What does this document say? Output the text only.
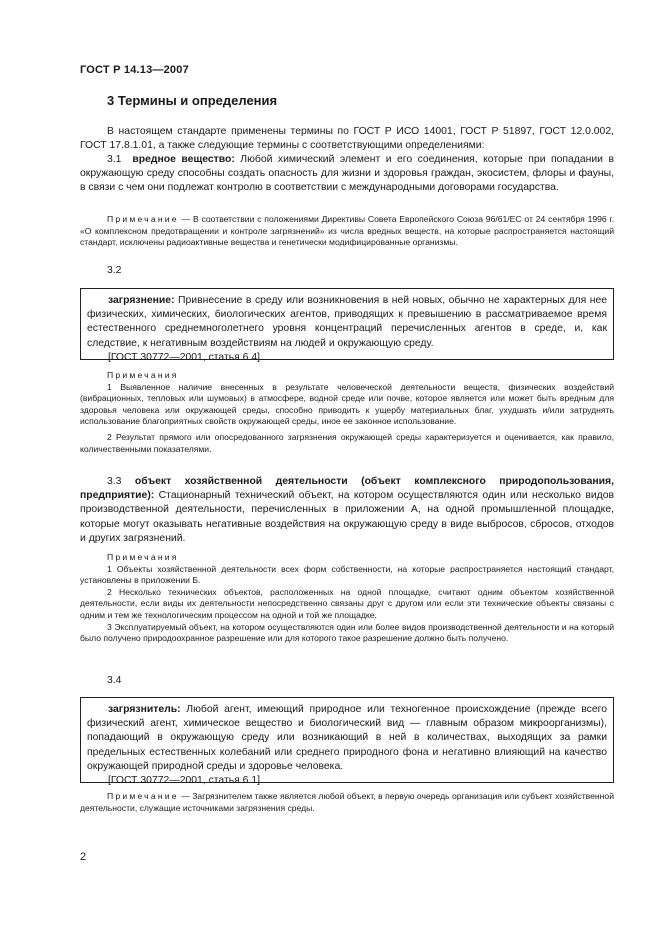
ГОСТ Р 14.13—2007
3 Термины и определения

В настоящем стандарте применены термины по ГОСТ Р ИСО 14001, ГОСТ Р 51897, ГОСТ 12.0.002, ГОСТ 17.8.1.01, а также следующие термины с соответствующими определениями:

3.1 вредное вещество: Любой химический элемент и его соединения, которые при попадании в окружающую среду способны создать опасность для жизни и здоровья граждан, экосистем, флоры и фауны, в связи с чем они подлежат контролю в соответствии с международными договорами государства.

Примечание — В соответствии с положениями Директивы Совета Европейского Союза 96/61/ЕС от 24 сентября 1996 г. «О комплексном предотвращении и контроле загрязнений» из числа вредных веществ, на которые распространяется настоящий стандарт, исключены радиоактивные вещества и генетически модифицированные организмы.

3.2

загрязнение: Привнесение в среду или возникновения в ней новых, обычно не характерных для нее физических, химических, биологических агентов, приводящих к превышению в рассматриваемое время естественного среднемноголетнего уровня концентраций перечисленных агентов в среде, и, как следствие, к негативным воздействиям на людей и окружающую среду.

[ГОСТ 30772—2001, статья 6.4]

Примечания

1 Выявленное наличие внесенных в результате человеческой деятельности веществ, физических воздействий (вибрационных, тепловых или шумовых) в атмосфере, водной среде или почве, которое является или может быть вредным для здоровья человека или окружающей среды, способно приводить к ущербу материальных благ, ухудшать и/или затруднять использование благоприятных свойств окружающей среды, иное ее законное использование.

2 Результат прямого или опосредованного загрязнения окружающей среды характеризуется и оценивается, как правило, количественными показателями.

3.3 объект хозяйственной деятельности (объект комплексного природопользования, предприятие): Стационарный технический объект, на котором осуществляются один или несколько видов производственной деятельности, перечисленных в приложении А, на одной промышленной площадке, которые могут оказывать негативные воздействия на окружающую среду в виде выбросов, сбросов, отходов и других загрязнений.

Примечания

1 Объекты хозяйственной деятельности всех форм собственности, на которые распространяется настоящий стандарт, установлены в приложении Б.

2 Несколько технических объектов, расположенных на одной площадке, считают одним объектом хозяйственной деятельности, если виды их деятельности непосредственно связаны друг с другом или если эти технические объекты связаны с одним и тем же технологическим процессом на одной и той же площадке.

3 Эксплуатируемый объект, на котором осуществляются один или более видов производственной деятельности и на который было получено природоохранное разрешение или для которого такое разрешение должно быть получено.

3.4

загрязнитель: Любой агент, имеющий природное или техногенное происхождение (прежде всего физический агент, химическое вещество и биологический вид — главным образом микроорганизмы), попадающий в окружающую среду или возникающий в ней в количествах, выходящих за рамки предельных естественных колебаний или среднего природного фона и негативно влияющий на качество окружающей природной среды и здоровье человека.

[ГОСТ 30772—2001, статья 6.1]

Примечание — Загрязнителем также является любой объект, в первую очередь организация или субъект хозяйственной деятельности, служащие источниками загрязнения среды.

2
